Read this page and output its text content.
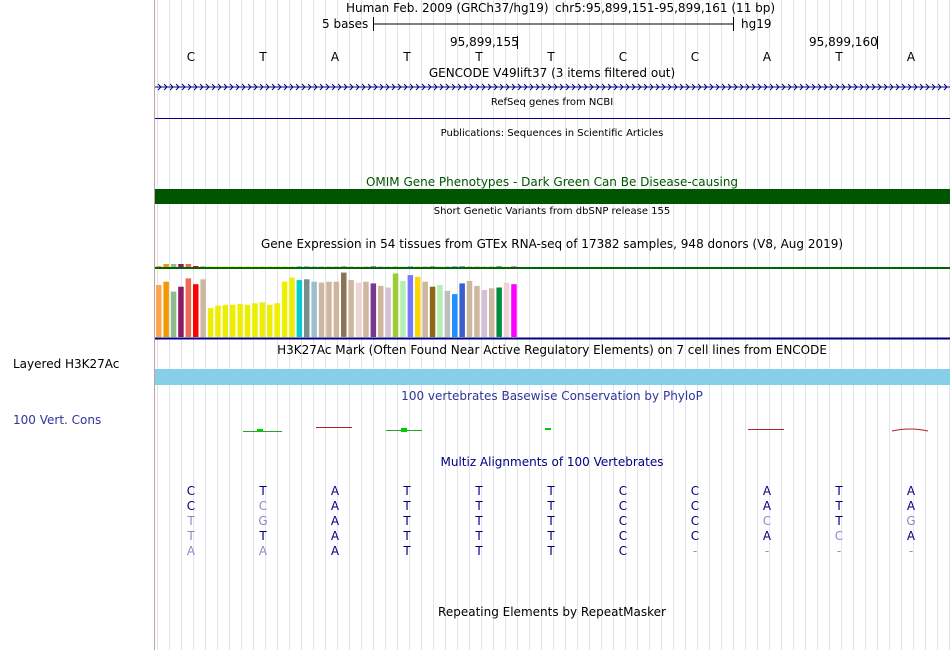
Layered H3K27Ac
100 Vert. Cons
Human Feb. 2009 (GRCh37/hg19) chr5:95,899,151-95,899,161 (11 bp)
5 bases	hg19
95,899,155	95,899,160
C	T	A	T	T	T	C	C	A	T	A
GENCODE V49lift37 (3 items filtered out)
RefSeq genes from NCBI
Publications: Sequences in Scientific Articles
OMIM Gene Phenotypes - Dark Green Can Be Disease-causing
Short Genetic Variants from dbSNP release 155
Gene Expression in 54 tissues from GTEx RNA-seq of 17382 samples, 948 donors (V8, Aug 2019)
H3K27Ac Mark (Often Found Near Active Regulatory Elements) on 7 cell lines from ENCODE
100 vertebrates Basewise Conservation by PhyloP
Multiz Alignments of 100 Vertebrates
Repeating Elements by RepeatMasker
C	T	A	T	T	T	C	C	A	T	A
C	C	A	T	T	T	C	C	A	T	A
T	G	A	T	T	T	C	C	C	T	G
T	T	A	T	T	T	C	C	A	C	A
A	A	A	T	T	T	C	-	-	-	-
